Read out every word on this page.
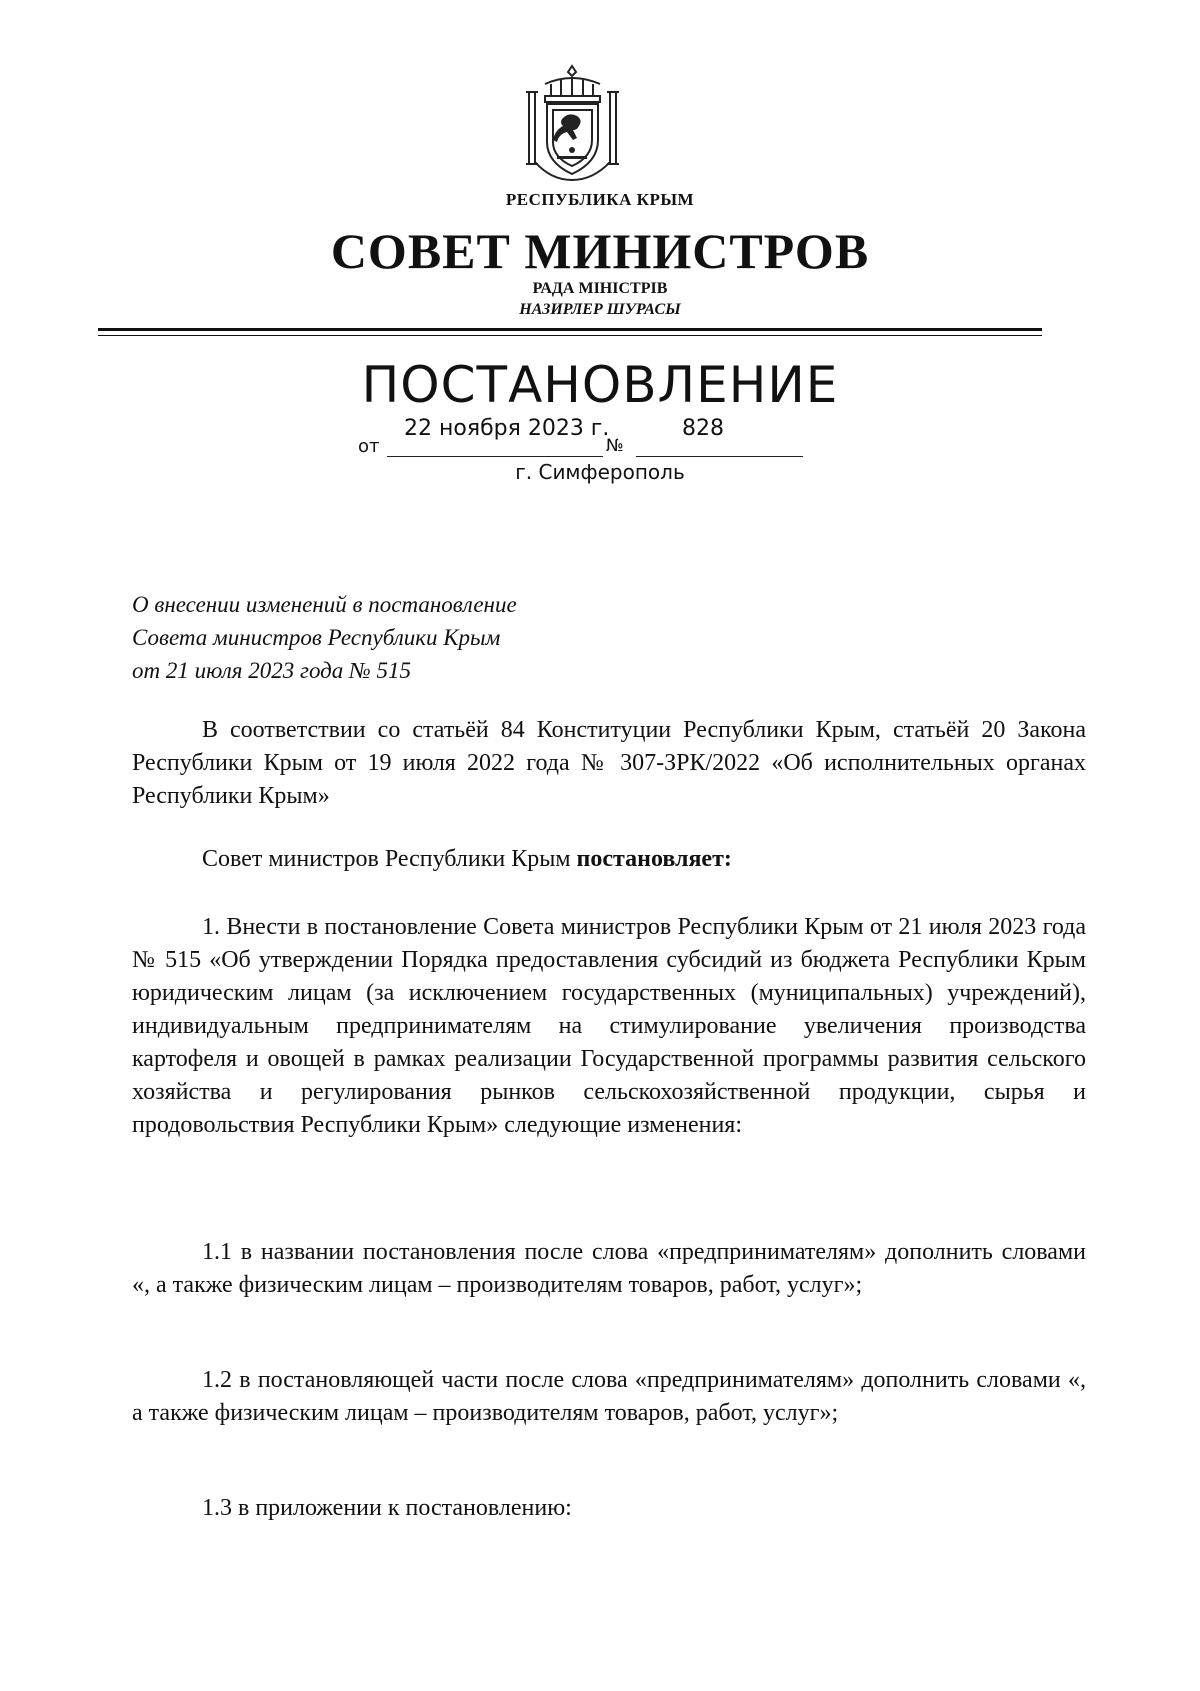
РЕСПУБЛИКА КРЫМ
СОВЕТ МИНИСТРОВ
РАДА МІНІСТРІВ
НАЗИРЛЕР ШУРАСЫ
ПОСТАНОВЛЕНИЕ
от
22 ноября 2023 г.
№
828
г. Симферополь
О внесении изменений в постановление
Совета министров Республики Крым
от 21 июля 2023 года № 515
В соответствии со статьёй 84 Конституции Республики Крым, статьёй 20 Закона Республики Крым от 19 июля 2022 года № 307-ЗРК/2022 «Об исполнительных органах Республики Крым»
Совет министров Республики Крым постановляет:
1. Внести в постановление Совета министров Республики Крым от 21 июля 2023 года № 515 «Об утверждении Порядка предоставления субсидий из бюджета Республики Крым юридическим лицам (за исключением государственных (муниципальных) учреждений), индивидуальным предпринимателям на стимулирование увеличения производства картофеля и овощей в рамках реализации Государственной программы развития сельского хозяйства и регулирования рынков сельскохозяйственной продукции, сырья и продовольствия Республики Крым» следующие изменения:
1.1 в названии постановления после слова «предпринимателям» дополнить словами «, а также физическим лицам – производителям товаров, работ, услуг»;
1.2 в постановляющей части после слова «предпринимателям» дополнить словами «, а также физическим лицам – производителям товаров, работ, услуг»;
1.3 в приложении к постановлению:
